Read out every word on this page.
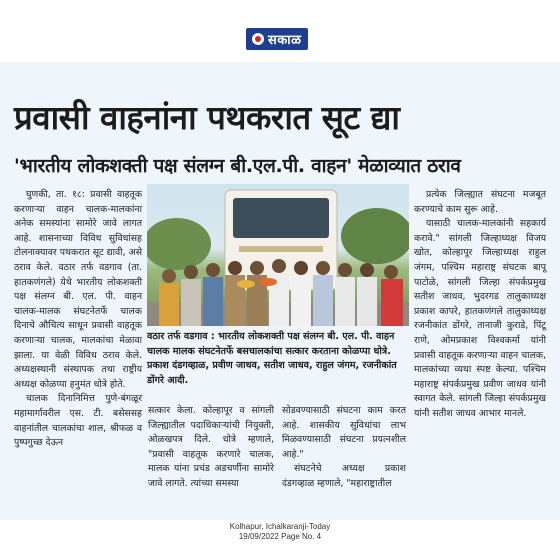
सकाळ
प्रवासी वाहनांना पथकरात सूट द्या
'भारतीय लोकशक्ती पक्ष संलग्न बी.एल.पी. वाहन' मेळाव्यात ठराव

घुणकी, ता. १८: प्रवासी वाहतूक करणाऱ्या वाहन चालक-मालकांना अनेक समस्यांना सामोरे जावे लागत आहे. शासनाच्या विविध सुविधांसह टोलनाक्यावर पथकरात सूट द्यावी, असे ठराव केले. वठार तर्फ वडगाव (ता. हातकणंगले) येथे भारतीय लोकशक्ती पक्ष संलग्न बी. एल. पी. वाहन चालक-मालक संघटनेतर्फे चालक दिनाचे औचित्य साधून प्रवासी वाहतूक करणाऱ्या चालक, मालकांचा मेळावा झाला. या वेळी विविध ठराव केले. अध्यक्षस्थानी संस्थापक तथा राष्ट्रीय अध्यक्ष कोळप्पा हनुमंत धोत्रे होते.

चालक दिनानिमित्त पुणे-बंगळूर महामार्गावरील एस. टी. बसेससह वाहनांतील चालकांचा शाल, श्रीफळ व पुष्पगुच्छ देऊन

वठार तर्फ वडगाव : भारतीय लोकशक्ती पक्ष संलग्न बी. एल. पी. वाहन चालक मालक संघटनेतर्फे बसचालकांचा सत्कार करताना कोळप्पा धोत्रे. प्रकाश दंडगव्हाळ, प्रवीण जाधव, सतीश जाधव, राहुल जंगम, रजनीकांत डोंगरे आदी.
सत्कार केला. कोल्हापूर व सांगली जिल्ह्यातील पदाधिकाऱ्यांची नियुक्ती, ओळखपत्र दिले. धोत्रे म्हणाले, "प्रवासी वाहतूक करणारे चालक, मालक यांना प्रचंड अडचणींना सामोरे जावे लागते. त्यांच्या समस्या

सोडवण्यासाठी संघटना काम करत आहे. शासकीय सुविधांचा लाभ मिळवण्यासाठी संघटना प्रयत्नशील आहे."

संघटनेचे अध्यक्ष प्रकाश दंडगव्हाळ म्हणाले, "महाराष्ट्रातील

प्रत्येक जिल्ह्यात संघटना मजबूत करण्याचे काम सुरू आहे.

यासाठी चालक-मालकांनी सहकार्य करावे." सांगली जिल्हाध्यक्ष विजय खोत, कोल्हापूर जिल्हाध्यक्ष राहुल जंगम, पश्चिम महाराष्ट्र संघटक बापू पाटोळे, सांगली जिल्हा संपर्कप्रमुख सतीश जाधव, भुदरगड तालुकाध्यक्ष प्रकाश कापरे, हातकणंगले तालुकाध्यक्ष रजनीकांत डोंगरे, तानाजी कुराडे, पिंटू राणे, ओमप्रकाश विश्वकर्मा यांनी प्रवासी वाहतूक करणाऱ्या वाहन चालक, मालकांच्या व्यथा स्पष्ट केल्या. पश्चिम महाराष्ट्र संपर्कप्रमुख प्रवीण जाधव यांनी स्वागत केले. सांगली जिल्हा संपर्कप्रमुख यांनी सतीश जाधव आभार मानले.

Kolhapur, Ichalkaranji-Today
19/09/2022 Page No. 4
